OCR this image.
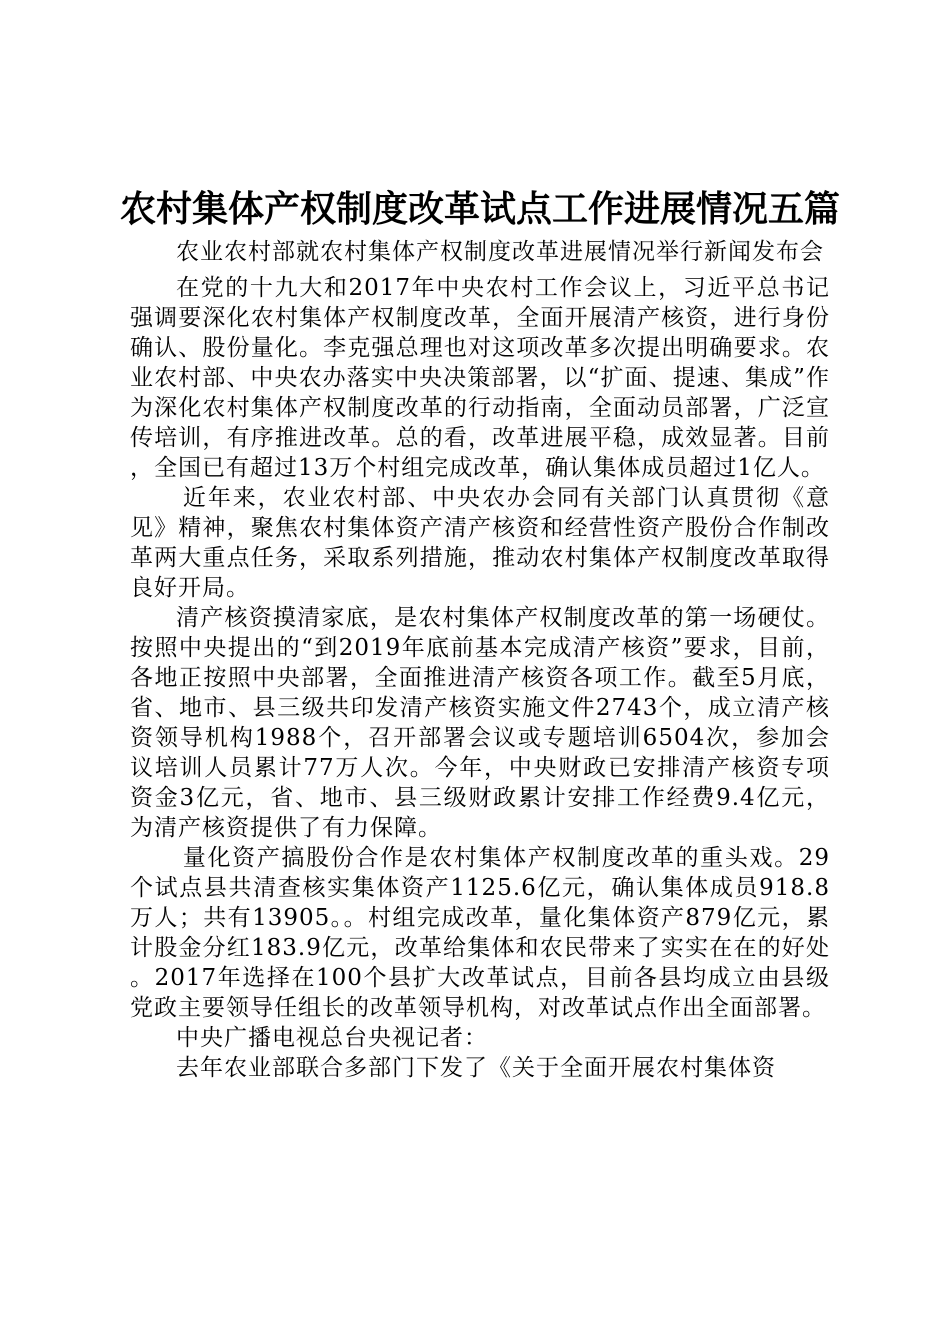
农村集体产权制度改革试点工作进展情况五篇

农业农村部就农村集体产权制度改革进展情况举行新闻发布会

在党的十九大和2017年中央农村工作会议上，习近平总书记强调要深化农村集体产权制度改革，全面开展清产核资，进行身份确认、股份量化。李克强总理也对这项改革多次提出明确要求。农业农村部、中央农办落实中央决策部署，以“扩面、提速、集成”作为深化农村集体产权制度改革的行动指南，全面动员部署，广泛宣传培训，有序推进改革。总的看，改革进展平稳，成效显著。目前，全国已有超过13万个村组完成改革，确认集体成员超过1亿人。

近年来，农业农村部、中央农办会同有关部门认真贯彻《意见》精神，聚焦农村集体资产清产核资和经营性资产股份合作制改革两大重点任务，采取系列措施，推动农村集体产权制度改革取得良好开局。

清产核资摸清家底，是农村集体产权制度改革的第一场硬仗。按照中央提出的“到2019年底前基本完成清产核资”要求，目前，各地正按照中央部署，全面推进清产核资各项工作。截至5月底，省、地市、县三级共印发清产核资实施文件2743个，成立清产核资领导机构1988个，召开部署会议或专题培训6504次，参加会议培训人员累计77万人次。今年，中央财政已安排清产核资专项资金3亿元，省、地市、县三级财政累计安排工作经费9.4亿元，为清产核资提供了有力保障。

量化资产搞股份合作是农村集体产权制度改革的重头戏。29个试点县共清查核实集体资产1125.6亿元，确认集体成员918.8万人；共有13905。。村组完成改革，量化集体资产879亿元，累计股金分红183.9亿元，改革给集体和农民带来了实实在在的好处。2017年选择在100个县扩大改革试点，目前各县均成立由县级党政主要领导任组长的改革领导机构，对改革试点作出全面部署。

中央广播电视总台央视记者：

去年农业部联合多部门下发了《关于全面开展农村集体资
